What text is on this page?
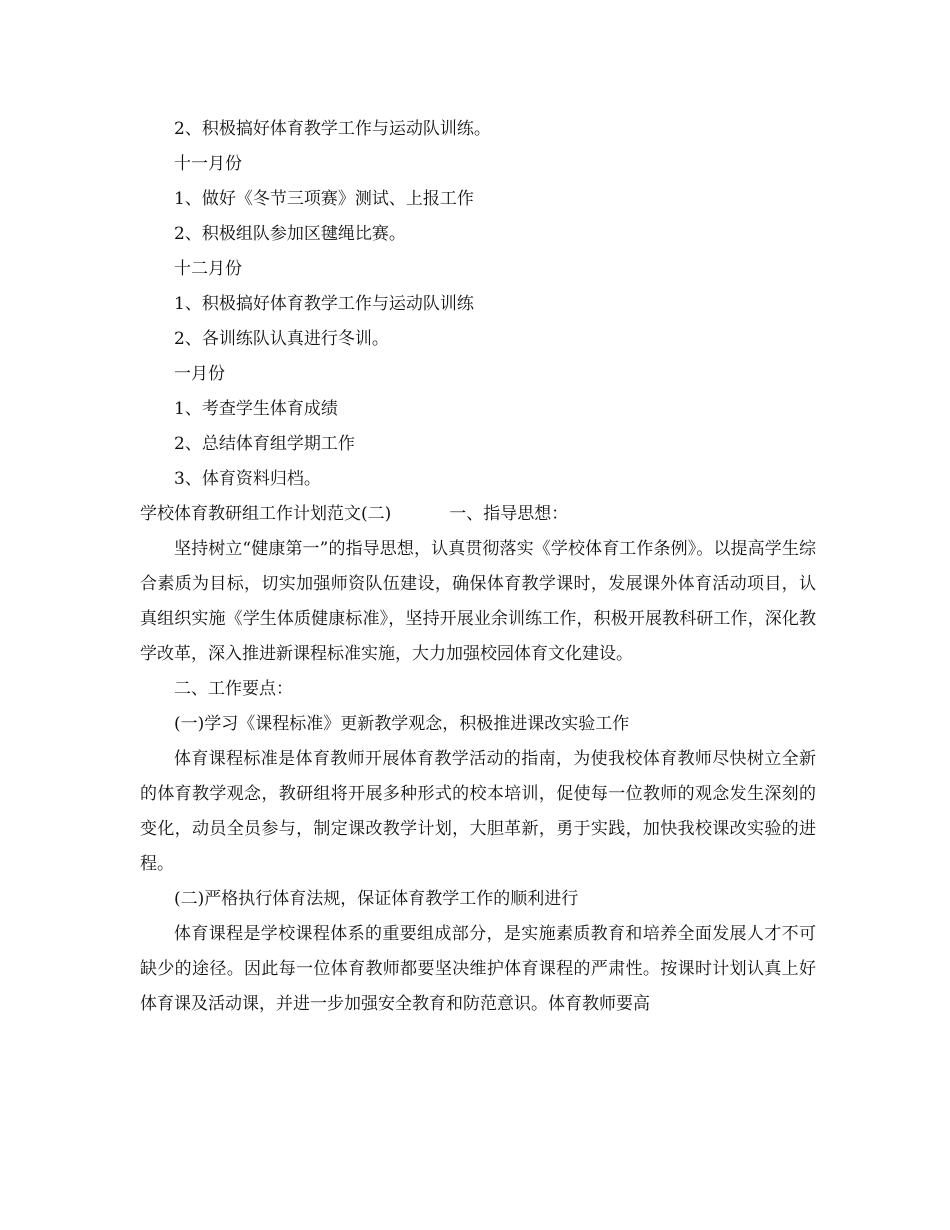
2、积极搞好体育教学工作与运动队训练。
十一月份
1、做好《冬节三项赛》测试、上报工作
2、积极组队参加区毽绳比赛。
十二月份
1、积极搞好体育教学工作与运动队训练
2、各训练队认真进行冬训。
一月份
1、考查学生体育成绩
2、总结体育组学期工作
3、体育资料归档。
学校体育教研组工作计划范文(二)	一、指导思想：

坚持树立“健康第一”的指导思想，认真贯彻落实《学校体育工作条例》。以提高学生综合素质为目标，切实加强师资队伍建设，确保体育教学课时，发展课外体育活动项目，认真组织实施《学生体质健康标准》，坚持开展业余训练工作，积极开展教科研工作，深化教学改革，深入推进新课程标准实施，大力加强校园体育文化建设。

二、工作要点：
(一)学习《课程标准》更新教学观念，积极推进课改实验工作

体育课程标准是体育教师开展体育教学活动的指南，为使我校体育教师尽快树立全新的体育教学观念，教研组将开展多种形式的校本培训，促使每一位教师的观念发生深刻的变化，动员全员参与，制定课改教学计划，大胆革新，勇于实践，加快我校课改实验的进程。

(二)严格执行体育法规，保证体育教学工作的顺利进行

体育课程是学校课程体系的重要组成部分，是实施素质教育和培养全面发展人才不可缺少的途径。因此每一位体育教师都要坚决维护体育课程的严肃性。按课时计划认真上好体育课及活动课，并进一步加强安全教育和防范意识。体育教师要高
